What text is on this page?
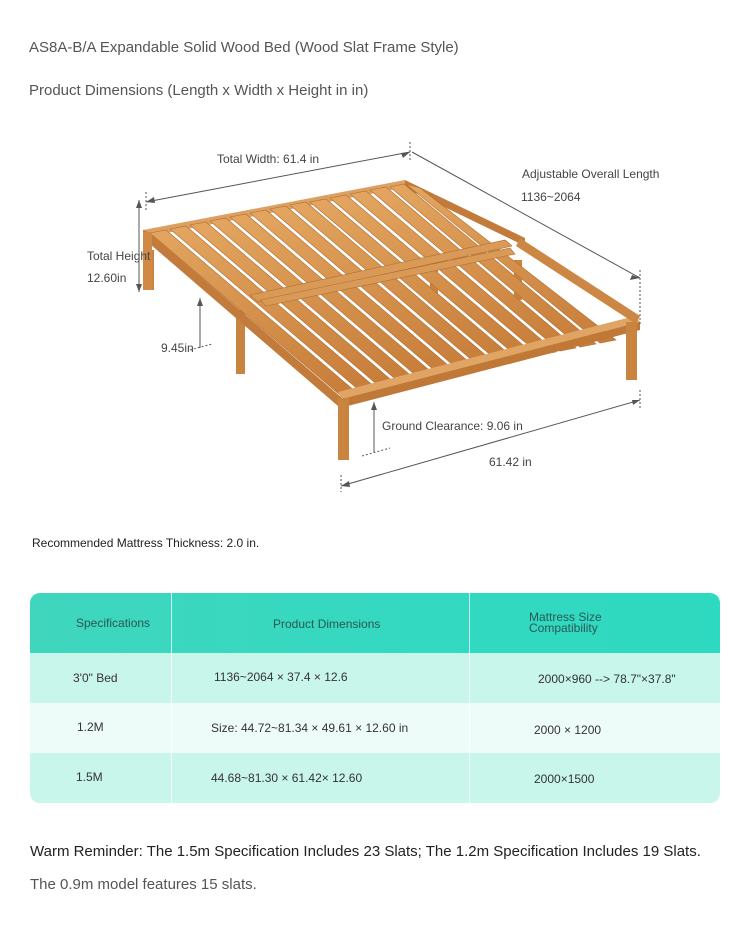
AS8A-B/A Expandable Solid Wood Bed (Wood Slat Frame Style)
Product Dimensions (Length x Width x Height in in)
Total Width: 61.4 in
Adjustable Overall Length
1136~2064
Total Height
12.60in
9.45in
Ground Clearance: 9.06 in
61.42 in
Recommended Mattress Thickness: 2.0 in.
Specifications	Product Dimensions	Mattress Size Compatibility
3'0" Bed	1136~2064 × 37.4 × 12.6	2000×960 --> 78.7"×37.8"
1.2M	Size: 44.72~81.34 × 49.61 × 12.60 in	2000 × 1200
1.5M	44.68~81.30 × 61.42× 12.60	2000×1500
Warm Reminder: The 1.5m Specification Includes 23 Slats; The 1.2m Specification Includes 19 Slats.
The 0.9m model features 15 slats.
